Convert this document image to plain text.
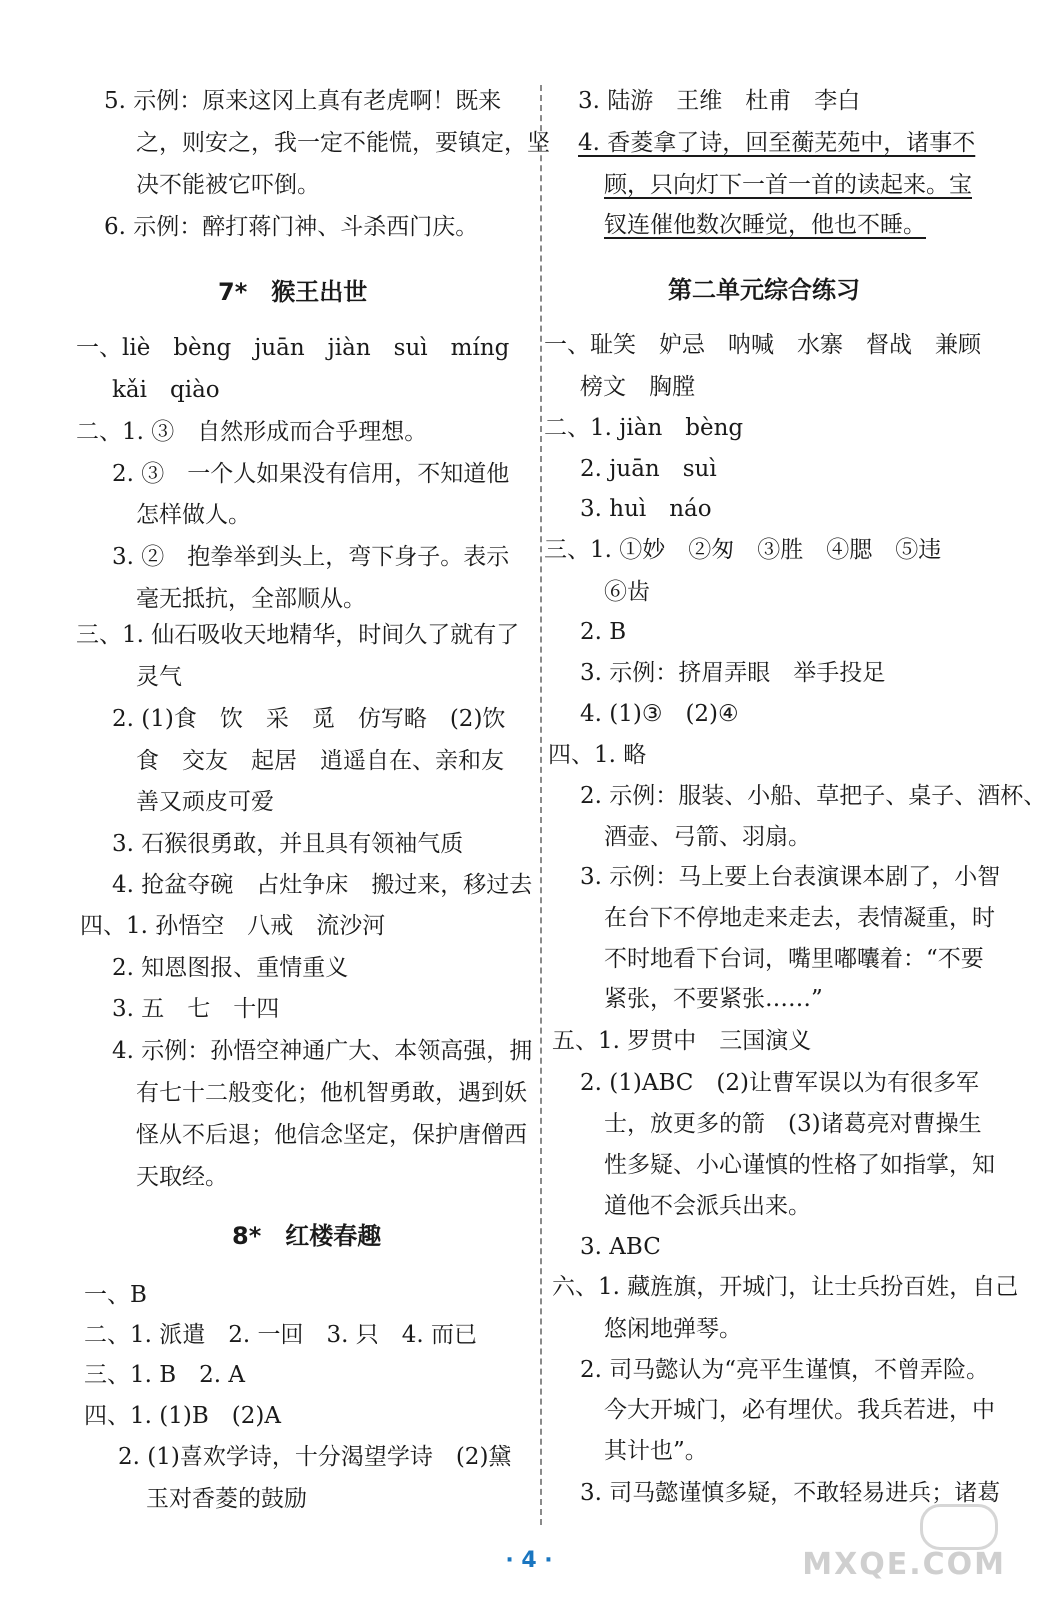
5. 示例：原来这冈上真有老虎啊！既来
之，则安之，我一定不能慌，要镇定，坚
决不能被它吓倒。
6. 示例：醉打蒋门神、斗杀西门庆。
一、liè　bèng　juān　jiàn　suì　míng
kǎi　qiào
二、1. ③　自然形成而合乎理想。
2. ③　一个人如果没有信用，不知道他
怎样做人。
3. ②　抱拳举到头上，弯下身子。表示
毫无抵抗，全部顺从。
三、1. 仙石吸收天地精华，时间久了就有了
灵气
2. (1)食　饮　采　觅　仿写略　(2)饮
食　交友　起居　逍遥自在、亲和友
善又顽皮可爱
3. 石猴很勇敢，并且具有领袖气质
4. 抢盆夺碗　占灶争床　搬过来，移过去
四、1. 孙悟空　八戒　流沙河
2. 知恩图报、重情重义
3. 五　七　十四
4. 示例：孙悟空神通广大、本领高强，拥
有七十二般变化；他机智勇敢，遇到妖
怪从不后退；他信念坚定，保护唐僧西
天取经。
一、B
二、1. 派遣　2. 一回　3. 只　4. 而已
三、1. B　2. A
四、1. (1)B　(2)A
2. (1)喜欢学诗，十分渴望学诗　(2)黛
玉对香菱的鼓励
3. 陆游　王维　杜甫　李白
4. 香菱拿了诗，回至蘅芜苑中，诸事不
顾，只向灯下一首一首的读起来。宝
钗连催他数次睡觉，他也不睡。
一、耻笑　妒忌　呐喊　水寨　督战　兼顾
榜文　胸膛
二、1. jiàn　bèng
2. juān　suì
3. huì　náo
三、1. ①妙　②匆　③胜　④腮　⑤违
⑥齿
2. B
3. 示例：挤眉弄眼　举手投足
4. (1)③　(2)④
四、1. 略
2. 示例：服装、小船、草把子、桌子、酒杯、
酒壶、弓箭、羽扇。
3. 示例：马上要上台表演课本剧了，小智
在台下不停地走来走去，表情凝重，时
不时地看下台词，嘴里嘟囔着：“不要
紧张，不要紧张……”
五、1. 罗贯中　三国演义
2. (1)ABC　(2)让曹军误以为有很多军
士，放更多的箭　(3)诸葛亮对曹操生
性多疑、小心谨慎的性格了如指掌，知
道他不会派兵出来。
3. ABC
六、1. 藏旌旗，开城门，让士兵扮百姓，自己
悠闲地弹琴。
2. 司马懿认为“亮平生谨慎，不曾弄险。
今大开城门，必有埋伏。我兵若进，中
其计也”。
3. 司马懿谨慎多疑，不敢轻易进兵；诸葛
7*　猴王出世
8*　红楼春趣
第二单元综合练习
· 4 ·	MXQE.COM
